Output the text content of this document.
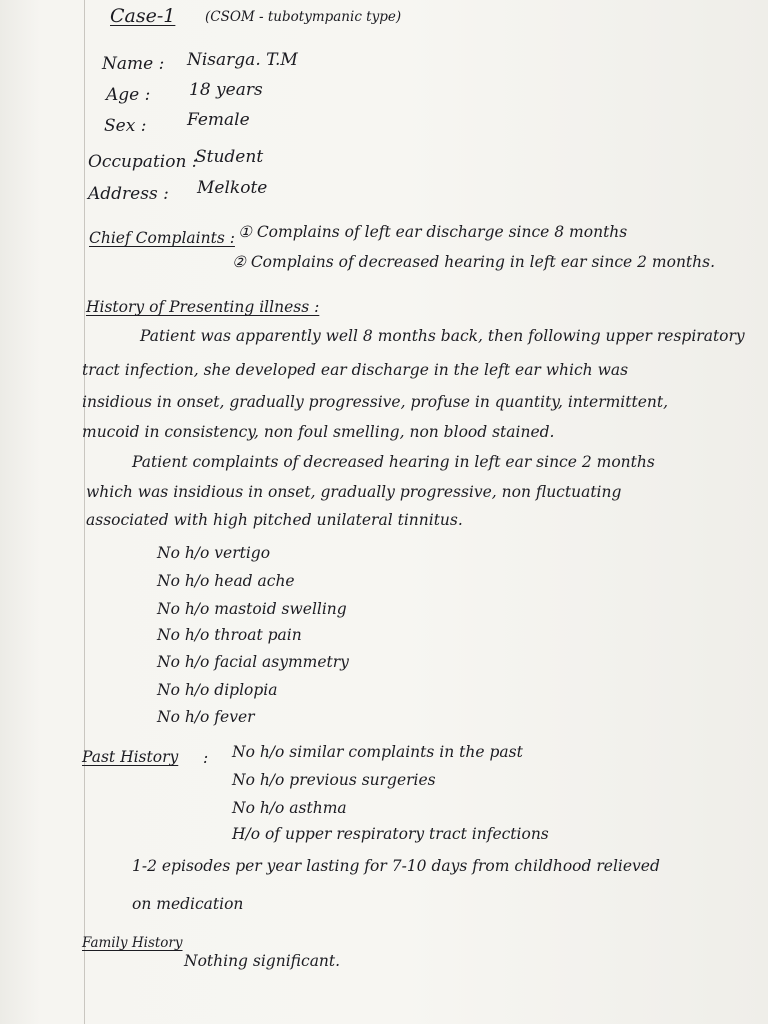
Case-1 (CSOM - tubotympanic type)
Name : Nisarga. T.M
Age : 18 years
Sex : Female
Occupation :
Student
Address : Melkote
Chief Complaints : ① Complains of left ear discharge since 8 months
② Complains of decreased hearing in left ear since 2 months.
History of Presenting illness :
Patient was apparently well 8 months back, then following upper respiratory
tract infection, she developed ear discharge in the left ear which was
insidious in onset, gradually progressive, profuse in quantity, intermittent,
mucoid in consistency, non foul smelling, non blood stained.
Patient complaints of decreased hearing in left ear since 2 months
which was insidious in onset, gradually progressive, non fluctuating
associated with high pitched unilateral tinnitus.
No h/o vertigo
No h/o head ache
No h/o mastoid swelling
No h/o throat pain
No h/o facial asymmetry
No h/o diplopia
No h/o fever
Past History : No h/o similar complaints in the past
No h/o previous surgeries
No h/o asthma
H/o of upper respiratory tract infections
1-2 episodes per year lasting for 7-10 days from childhood relieved
on medication
Family History
Nothing significant.
